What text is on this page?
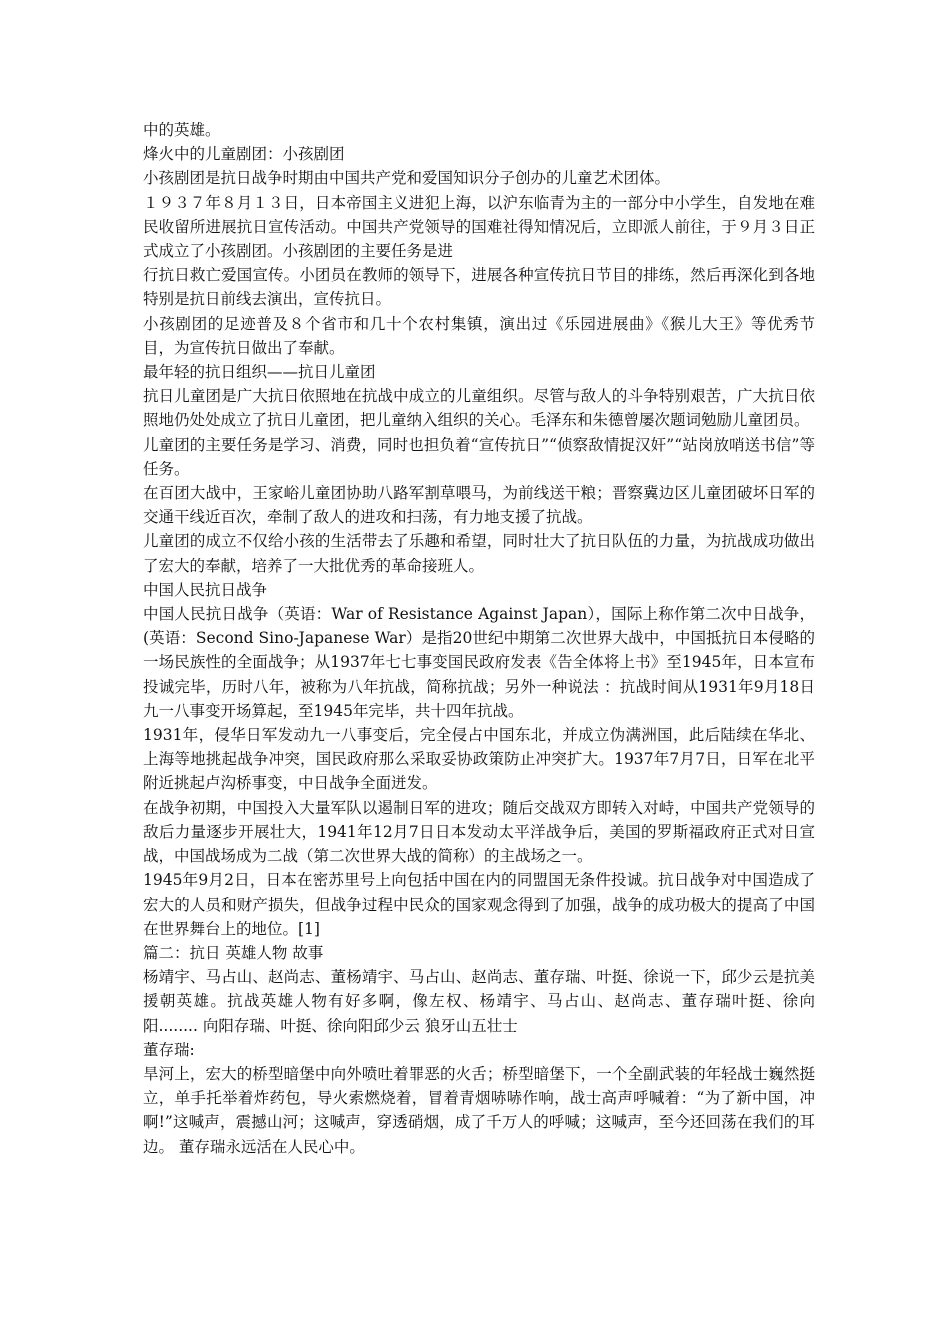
中的英雄。

烽火中的儿童剧团：小孩剧团

小孩剧团是抗日战争时期由中国共产党和爱国知识分子创办的儿童艺术团体。

１９３７年８月１３日，日本帝国主义进犯上海，以沪东临青为主的一部分中小学生，自发地在难民收留所进展抗日宣传活动。中国共产党领导的国难社得知情况后，立即派人前往，于９月３日正式成立了小孩剧团。小孩剧团的主要任务是进

行抗日救亡爱国宣传。小团员在教师的领导下，进展各种宣传抗日节目的排练，然后再深化到各地特别是抗日前线去演出，宣传抗日。

小孩剧团的足迹普及８个省市和几十个农村集镇，演出过《乐园进展曲》《猴儿大王》等优秀节目，为宣传抗日做出了奉献。

最年轻的抗日组织——抗日儿童团

抗日儿童团是广大抗日依照地在抗战中成立的儿童组织。尽管与敌人的斗争特别艰苦，广大抗日依照地仍处处成立了抗日儿童团，把儿童纳入组织的关心。毛泽东和朱德曾屡次题词勉励儿童团员。

儿童团的主要任务是学习、消费，同时也担负着“宣传抗日”“侦察敌情捉汉奸”“站岗放哨送书信”等任务。

在百团大战中，王家峪儿童团协助八路军割草喂马，为前线送干粮；晋察冀边区儿童团破坏日军的交通干线近百次，牵制了敌人的进攻和扫荡，有力地支援了抗战。

儿童团的成立不仅给小孩的生活带去了乐趣和希望，同时壮大了抗日队伍的力量，为抗战成功做出了宏大的奉献，培养了一大批优秀的革命接班人。

中国人民抗日战争

中国人民抗日战争（英语：War of Resistance Against Japan），国际上称作第二次中日战争，(英语：Second Sino-Japanese War）是指20世纪中期第二次世界大战中，中国抵抗日本侵略的一场民族性的全面战争；从1937年七七事变国民政府发表《告全体将上书》至1945年，日本宣布投诚完毕，历时八年，被称为八年抗战，简称抗战；另外一种说法 ：抗战时间从1931年9月18日九一八事变开场算起，至1945年完毕，共十四年抗战。

1931年，侵华日军发动九一八事变后，完全侵占中国东北，并成立伪满洲国，此后陆续在华北、上海等地挑起战争冲突，国民政府那么采取妥协政策防止冲突扩大。1937年7月7日，日军在北平附近挑起卢沟桥事变，中日战争全面迸发。

在战争初期，中国投入大量军队以遏制日军的进攻；随后交战双方即转入对峙，中国共产党领导的敌后力量逐步开展壮大，1941年12月7日日本发动太平洋战争后，美国的罗斯福政府正式对日宣战，中国战场成为二战（第二次世界大战的简称）的主战场之一。

1945年9月2日，日本在密苏里号上向包括中国在内的同盟国无条件投诚。抗日战争对中国造成了宏大的人员和财产损失，但战争过程中民众的国家观念得到了加强，战争的成功极大的提高了中国在世界舞台上的地位。[1]

篇二：抗日 英雄人物 故事

杨靖宇、马占山、赵尚志、董杨靖宇、马占山、赵尚志、董存瑞、叶挺、徐说一下，邱少云是抗美援朝英雄。抗战英雄人物有好多啊，像左权、杨靖宇、马占山、赵尚志、董存瑞叶挺、徐向阳........ 向阳存瑞、叶挺、徐向阳邱少云 狼牙山五壮士

董存瑞:

旱河上，宏大的桥型暗堡中向外喷吐着罪恶的火舌；桥型暗堡下，一个全副武装的年轻战士巍然挺立，单手托举着炸药包，导火索燃烧着，冒着青烟哧哧作响，战士高声呼喊着：“为了新中国，冲啊!”这喊声，震撼山河；这喊声，穿透硝烟，成了千万人的呼喊；这喊声，至今还回荡在我们的耳边。 董存瑞永远活在人民心中。
